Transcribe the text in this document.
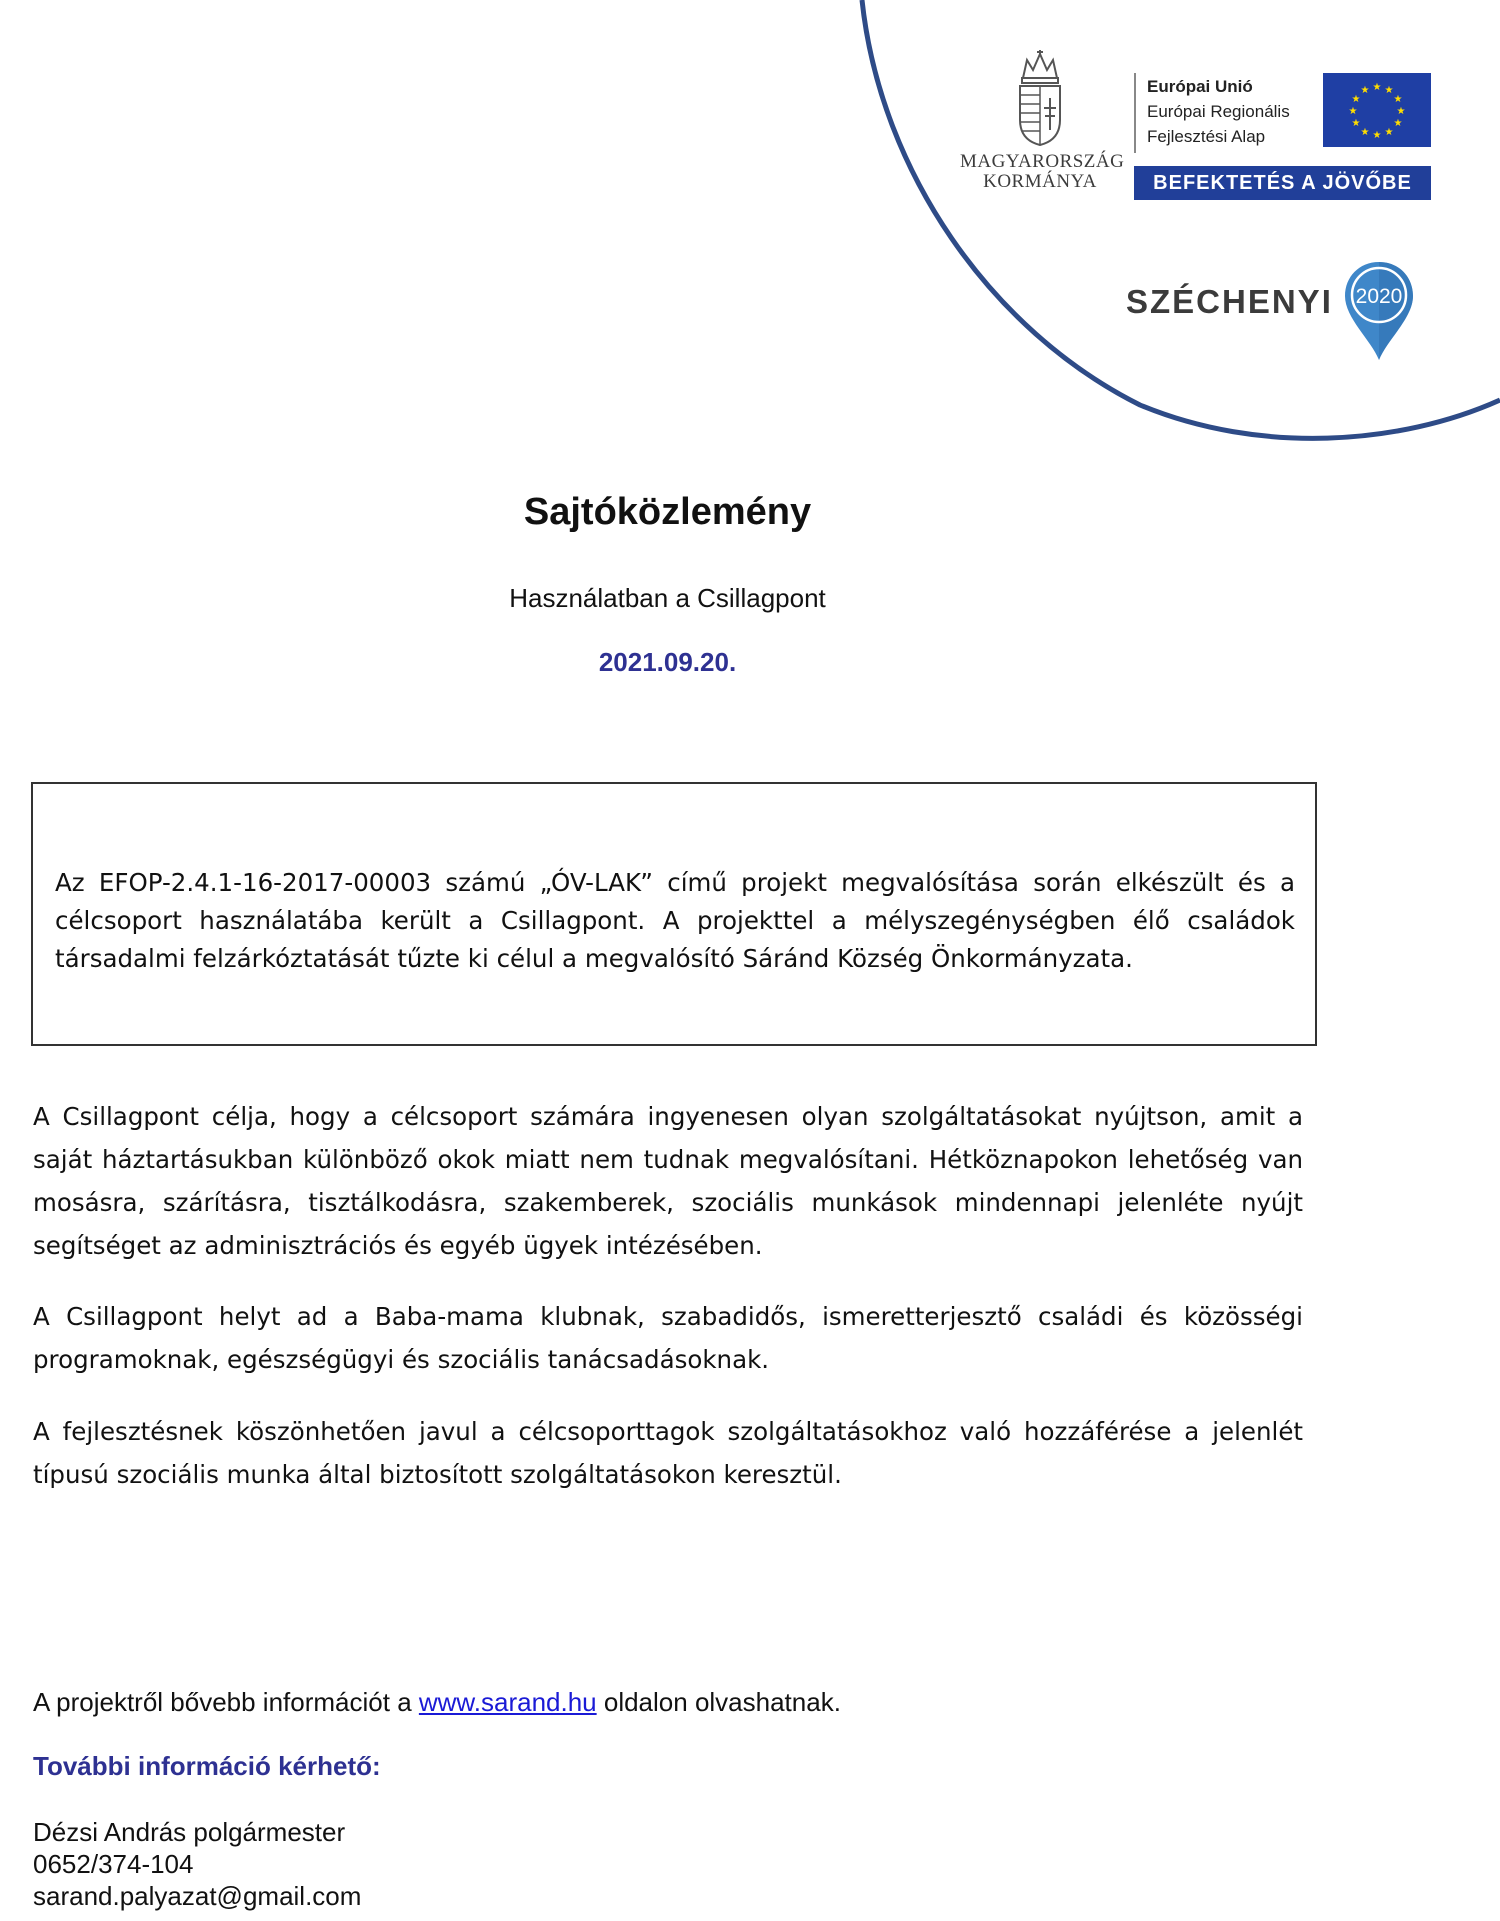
MAGYARORSZÁG
KORMÁNYA
Európai Unió
Európai Regionális
Fejlesztési Alap
★ ★
★
★
★
★
★
★
★
★
★
★
BEFEKTETÉS A JÖVŐBE
SZÉCHENYI 2020
Sajtóközlemény
Használatban a Csillagpont
2021.09.20.
Az EFOP-2.4.1-16-2017-00003 számú „ÓV-LAK” című projekt megvalósítása során elkészült és a célcsoport használatába került a Csillagpont. A projekttel a mélyszegénységben élő családok társadalmi felzárkóztatását tűzte ki célul a megvalósító Sáránd Község Önkormányzata.

A Csillagpont célja, hogy a célcsoport számára ingyenesen olyan szolgáltatásokat nyújtson, amit a saját háztartásukban különböző okok miatt nem tudnak megvalósítani. Hétköznapokon lehetőség van mosásra, szárításra, tisztálkodásra, szakemberek, szociális munkások mindennapi jelenléte nyújt segítséget az adminisztrációs és egyéb ügyek intézésében.

A Csillagpont helyt ad a Baba-mama klubnak, szabadidős, ismeretterjesztő családi és közösségi programoknak, egészségügyi és szociális tanácsadásoknak.

A fejlesztésnek köszönhetően javul a célcsoporttagok szolgáltatásokhoz való hozzáférése a jelenlét típusú szociális munka által biztosított szolgáltatásokon keresztül.

A projektről bővebb információt a www.sarand.hu oldalon olvashatnak.
További információ kérhető:
Dézsi András polgármester
0652/374-104
sarand.palyazat@gmail.com
